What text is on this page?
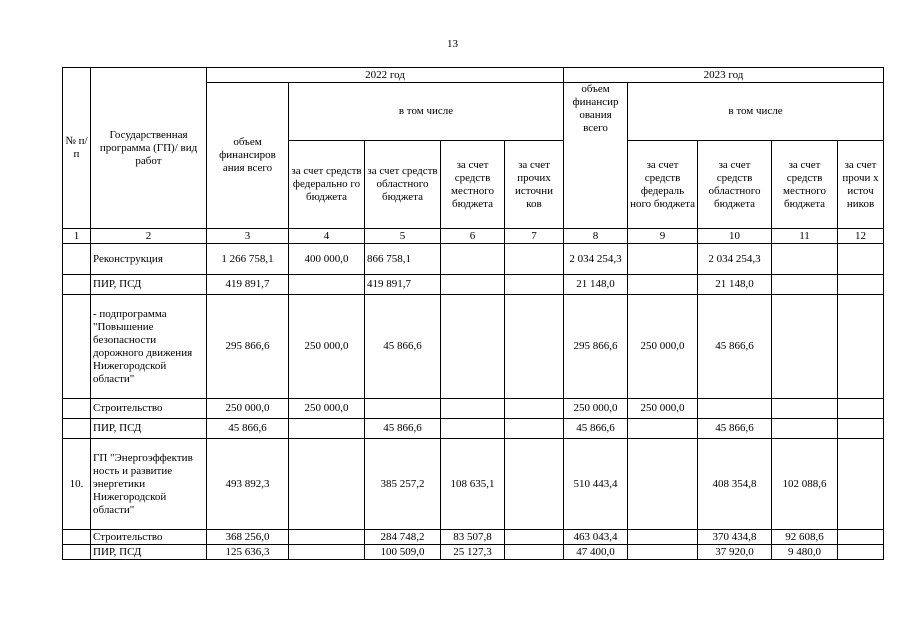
13
№ п/п	Государственная программа (ГП)/ вид работ	2022 год					2023 год				
		объем финансиров ания всего	в том числе				объем финансир ования всего	в том числе			
			за счет средств федерально го бюджета	за счет средств областного бюджета	за счет средств местного бюджета	за счет прочих источни ков		за счет средств федераль ного бюджета	за счет средств областного бюджета	за счет средств местного бюджета	за счет прочи х источ ников

1	2	3	4	5	6	7	8	9	10	11	12
	Реконструкция	1 266 758,1	400 000,0	866 758,1			2 034 254,3		2 034 254,3		
	ПИР, ПСД	419 891,7		419 891,7			21 148,0		21 148,0		
	- подпрограмма "Повышение безопасности дорожного движения Нижегородской области"	295 866,6	250 000,0	45 866,6			295 866,6	250 000,0	45 866,6		
	Строительство	250 000,0	250 000,0				250 000,0	250 000,0			
	ПИР, ПСД	45 866,6		45 866,6			45 866,6		45 866,6		
10.	ГП "Энергоэффектив ность и развитие энергетики Нижегородской области"	493 892,3		385 257,2	108 635,1		510 443,4		408 354,8	102 088,6	
	Строительство	368 256,0		284 748,2	83 507,8		463 043,4		370 434,8	92 608,6	
	ПИР, ПСД	125 636,3		100 509,0	25 127,3		47 400,0		37 920,0	9 480,0	
